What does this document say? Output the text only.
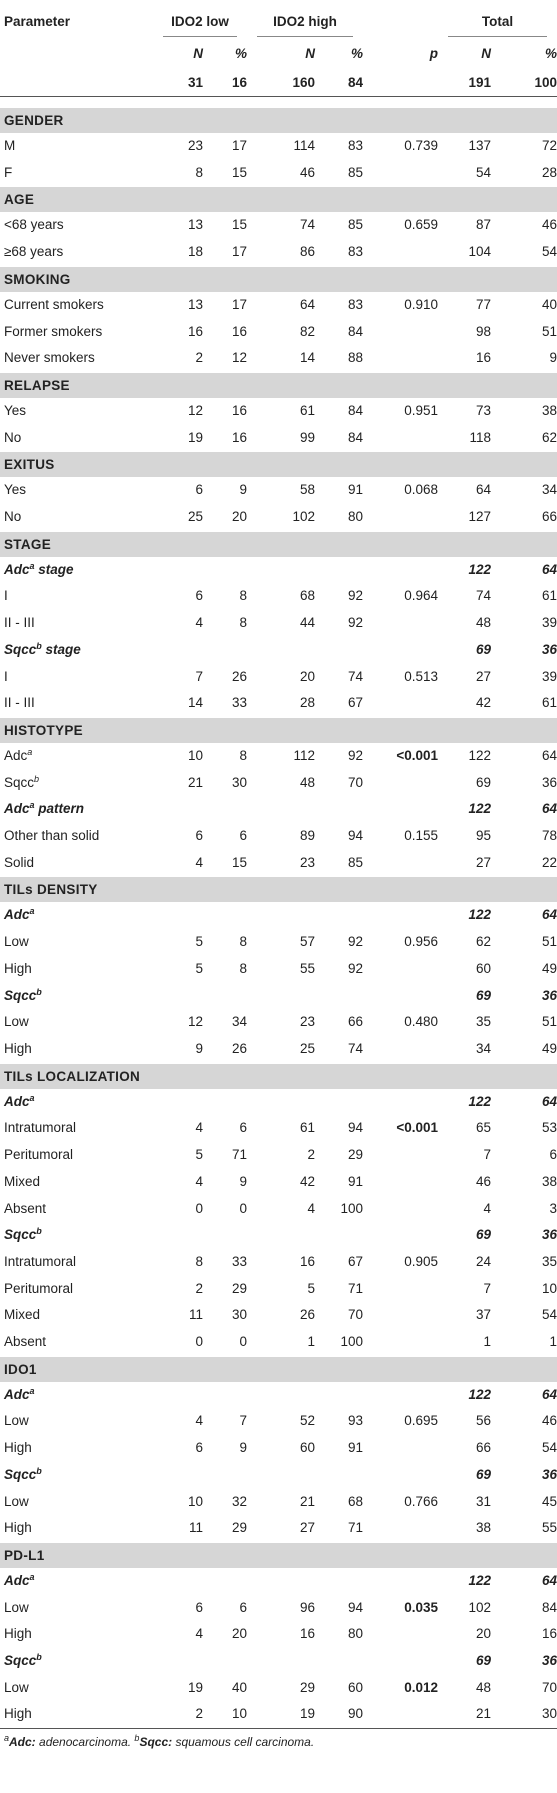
Parameter	IDO2 low		IDO2 high			Total	

	N	%	N	%	p	N	%
	31	16	160	84		191	100

GENDER							
M	23	17	114	83	0.739	137	72
F	8	15	46	85		54	28
AGE							
<68 years	13	15	74	85	0.659	87	46
≥68 years	18	17	86	83		104	54
SMOKING							
Current smokers	13	17	64	83	0.910	77	40
Former smokers	16	16	82	84		98	51
Never smokers	2	12	14	88		16	9
RELAPSE							
Yes	12	16	61	84	0.951	73	38
No	19	16	99	84		118	62
EXITUS							
Yes	6	9	58	91	0.068	64	34
No	25	20	102	80		127	66
STAGE							
Adc$^a$ stage						122	64
I	6	8	68	92	0.964	74	61
II - III	4	8	44	92		48	39
Sqcc$^b$ stage						69	36
I	7	26	20	74	0.513	27	39
II - III	14	33	28	67		42	61
HISTOTYPE							
Adc$^a$	10	8	112	92	<0.001	122	64
Sqcc$^b$	21	30	48	70		69	36
Adc$^a$ pattern						122	64
Other than solid	6	6	89	94	0.155	95	78
Solid	4	15	23	85		27	22
TILs DENSITY							
Adc$^a$						122	64
Low	5	8	57	92	0.956	62	51
High	5	8	55	92		60	49
Sqcc$^b$						69	36
Low	12	34	23	66	0.480	35	51
High	9	26	25	74		34	49
TILs LOCALIZATION							
Adc$^a$						122	64
Intratumoral	4	6	61	94	<0.001	65	53
Peritumoral	5	71	2	29		7	6
Mixed	4	9	42	91		46	38
Absent	0	0	4	100		4	3
Sqcc$^b$						69	36
Intratumoral	8	33	16	67	0.905	24	35
Peritumoral	2	29	5	71		7	10
Mixed	11	30	26	70		37	54
Absent	0	0	1	100		1	1
IDO1							
Adc$^a$						122	64
Low	4	7	52	93	0.695	56	46
High	6	9	60	91		66	54
Sqcc$^b$						69	36
Low	10	32	21	68	0.766	31	45
High	11	29	27	71		38	55
PD-L1							
Adc$^a$						122	64
Low	6	6	96	94	0.035	102	84
High	4	20	16	80		20	16
Sqcc$^b$						69	36
Low	19	40	29	60	0.012	48	70
High	2	10	19	90		21	30
$^a$Adc: adenocarcinoma. $^b$Sqcc: squamous cell carcinoma.
